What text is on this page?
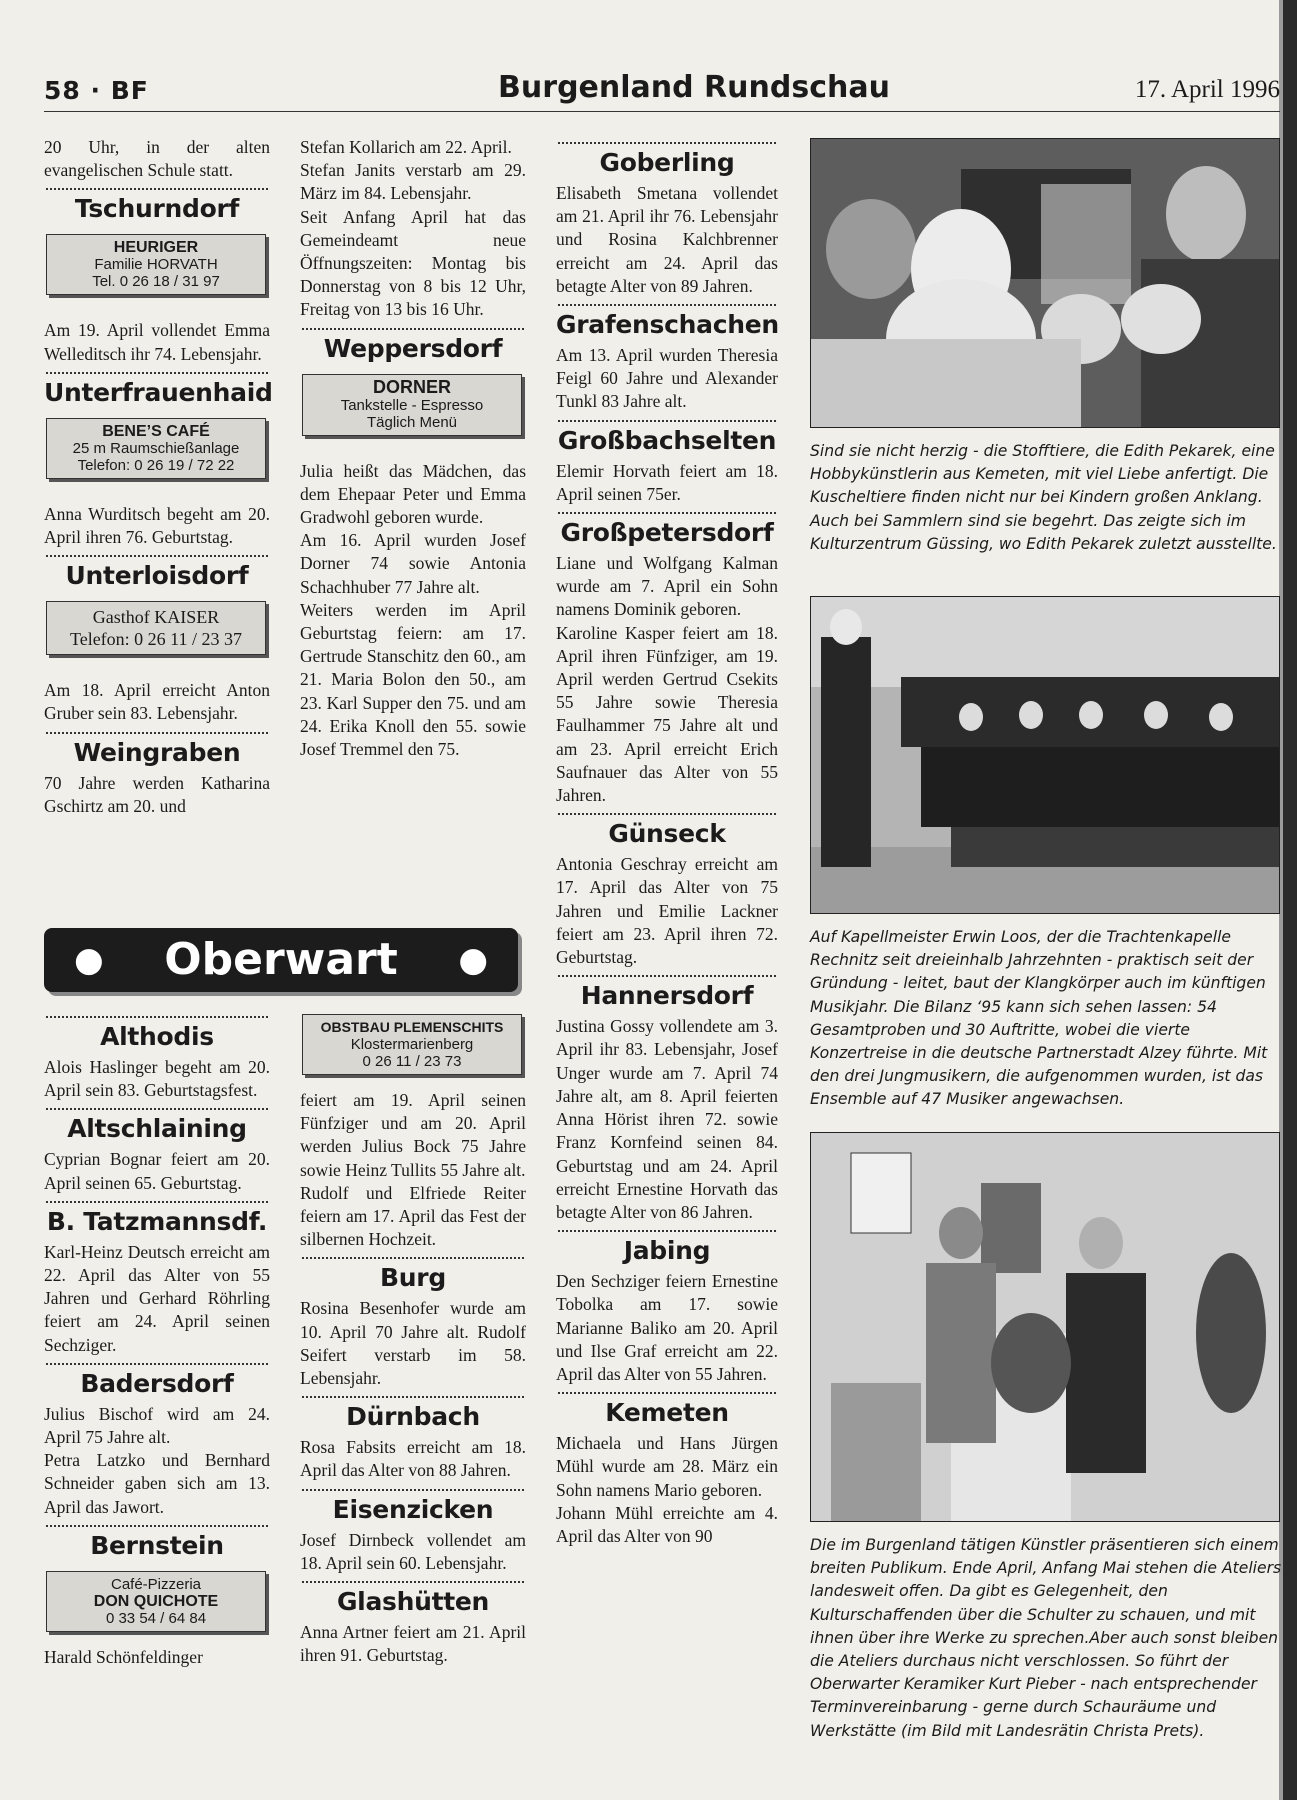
58 · BF	Burgenland Rundschau	17. April 1996

20 Uhr, in der alten evangelischen Schule statt.

Tschurndorf
HEURIGER
Familie HORVATH
Tel. 0 26 18 / 31 97

Am 19. April vollendet Emma Welleditsch ihr 74. Lebensjahr.

Unterfrauenhaid
BENE’S CAFÉ
25 m Raumschießanlage
Telefon: 0 26 19 / 72 22

Anna Wurditsch begeht am 20. April ihren 76. Geburtstag.

Unterloisdorf
Gasthof KAISER
Telefon: 0 26 11 / 23 37

Am 18. April erreicht Anton Gruber sein 83. Lebensjahr.

Weingraben

70 Jahre werden Katharina Gschirtz am 20. und

Stefan Kollarich am 22. April.

Stefan Janits verstarb am 29. März im 84. Lebensjahr.

Seit Anfang April hat das Gemeindeamt neue Öffnungszeiten: Montag bis Donnerstag von 8 bis 12 Uhr, Freitag von 13 bis 16 Uhr.

Weppersdorf
DORNER
Tankstelle - Espresso
Täglich Menü

Julia heißt das Mädchen, das dem Ehepaar Peter und Emma Gradwohl geboren wurde.

Am 16. April wurden Josef Dorner 74 sowie Antonia Schachhuber 77 Jahre alt.

Weiters werden im April Geburtstag feiern: am 17. Gertrude Stanschitz den 60., am 21. Maria Bolon den 50., am 23. Karl Supper den 75. und am 24. Erika Knoll den 55. sowie Josef Tremmel den 75.

Goberling

Elisabeth Smetana vollendet am 21. April ihr 76. Lebensjahr und Rosina Kalchbrenner erreicht am 24. April das betagte Alter von 89 Jahren.

Grafenschachen

Am 13. April wurden Theresia Feigl 60 Jahre und Alexander Tunkl 83 Jahre alt.

Großbachselten

Elemir Horvath feiert am 18. April seinen 75er.

Großpetersdorf

Liane und Wolfgang Kalman wurde am 7. April ein Sohn namens Dominik geboren.

Karoline Kasper feiert am 18. April ihren Fünfziger, am 19. April werden Gertrud Csekits 55 Jahre sowie Theresia Faulhammer 75 Jahre alt und am 23. April erreicht Erich Saufnauer das Alter von 55 Jahren.

Günseck

Antonia Geschray erreicht am 17. April das Alter von 75 Jahren und Emilie Lackner feiert am 23. April ihren 72. Geburtstag.

Hannersdorf

Justina Gossy vollendete am 3. April ihr 83. Lebensjahr, Josef Unger wurde am 7. April 74 Jahre alt, am 8. April feierten Anna Hörist ihren 72. sowie Franz Kornfeind seinen 84. Geburtstag und am 24. April erreicht Ernestine Horvath das betagte Alter von 86 Jahren.

Jabing

Den Sechziger feiern Ernestine Tobolka am 17. sowie Marianne Baliko am 20. April und Ilse Graf erreicht am 22. April das Alter von 55 Jahren.

Kemeten

Michaela und Hans Jürgen Mühl wurde am 28. März ein Sohn namens Mario geboren.

Johann Mühl erreichte am 4. April das Alter von 90

● Oberwart ●
Althodis

Alois Haslinger begeht am 20. April sein 83. Geburtstagsfest.

Altschlaining

Cyprian Bognar feiert am 20. April seinen 65. Geburtstag.

B. Tatzmannsdf.

Karl-Heinz Deutsch erreicht am 22. April das Alter von 55 Jahren und Gerhard Röhrling feiert am 24. April seinen Sechziger.

Badersdorf

Julius Bischof wird am 24. April 75 Jahre alt.

Petra Latzko und Bernhard Schneider gaben sich am 13. April das Jawort.

Bernstein
Café-Pizzeria
DON QUICHOTE
0 33 54 / 64 84

Harald Schönfeldinger

OBSTBAU PLEMENSCHITS
Klostermarienberg
0 26 11 / 23 73

feiert am 19. April seinen Fünfziger und am 20. April werden Julius Bock 75 Jahre sowie Heinz Tullits 55 Jahre alt.

Rudolf und Elfriede Reiter feiern am 17. April das Fest der silbernen Hochzeit.

Burg

Rosina Besenhofer wurde am 10. April 70 Jahre alt. Rudolf Seifert verstarb im 58. Lebensjahr.

Dürnbach

Rosa Fabsits erreicht am 18. April das Alter von 88 Jahren.

Eisenzicken

Josef Dirnbeck vollendet am 18. April sein 60. Lebensjahr.

Glashütten

Anna Artner feiert am 21. April ihren 91. Geburtstag.

Sind sie nicht herzig - die Stofftiere, die Edith Pekarek, eine Hobbykünstlerin aus Kemeten, mit viel Liebe anfertigt. Die Kuscheltiere finden nicht nur bei Kindern großen Anklang. Auch bei Sammlern sind sie begehrt. Das zeigte sich im Kulturzentrum Güssing, wo Edith Pekarek zuletzt ausstellte.
Auf Kapellmeister Erwin Loos, der die Trachtenkapelle Rechnitz seit dreieinhalb Jahrzehnten - praktisch seit der Gründung - leitet, baut der Klangkörper auch im künftigen Musikjahr. Die Bilanz ‘95 kann sich sehen lassen: 54 Gesamtproben und 30 Auftritte, wobei die vierte Konzertreise in die deutsche Partnerstadt Alzey führte. Mit den drei Jungmusikern, die aufgenommen wurden, ist das Ensemble auf 47 Musiker angewachsen.
Die im Burgenland tätigen Künstler präsentieren sich einem breiten Publikum. Ende April, Anfang Mai stehen die Ateliers landesweit offen. Da gibt es Gelegenheit, den Kulturschaffenden über die Schulter zu schauen, und mit ihnen über ihre Werke zu sprechen.Aber auch sonst bleiben die Ateliers durchaus nicht verschlossen. So führt der Oberwarter Keramiker Kurt Pieber - nach entsprechender Terminvereinbarung - gerne durch Schauräume und Werkstätte (im Bild mit Landesrätin Christa Prets).
